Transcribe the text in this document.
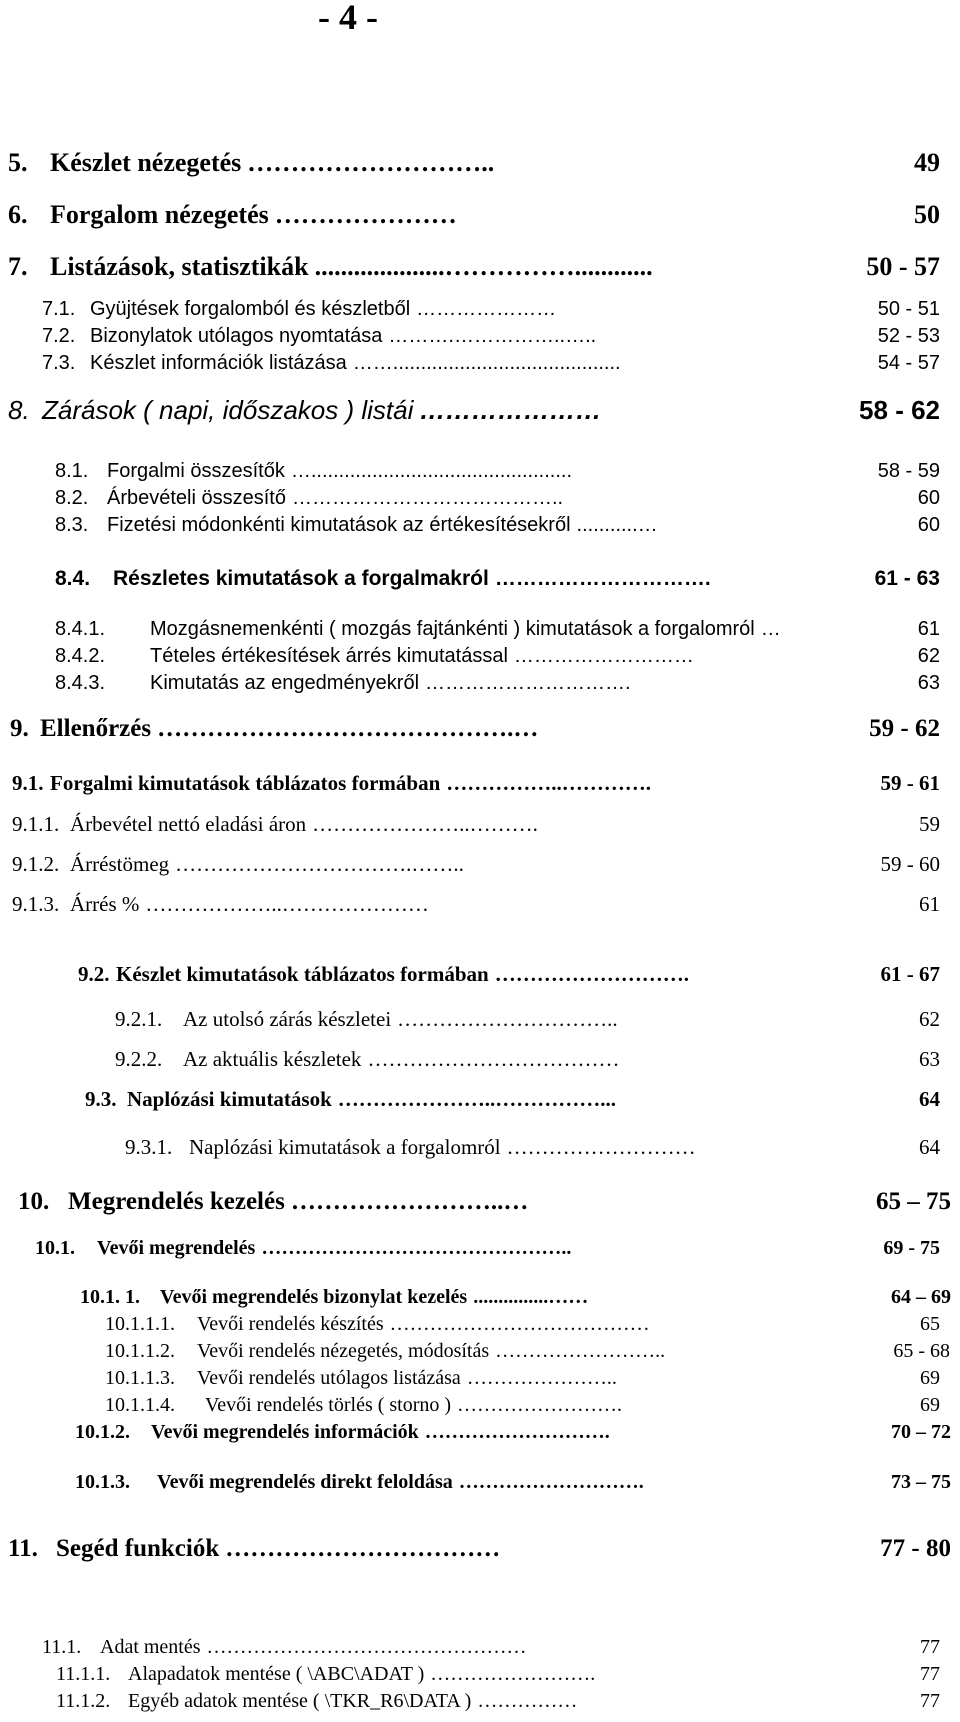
- 4 -
5. Készlet nézegetés ………………………..	49
6. Forgalom nézegetés …………………	50
7. Listázások, statisztikák ....................……………............	50 - 57
7.1. Gyüjtések forgalomból és készletből …………………	50 - 51
7.2. Bizonylatok utólagos nyomtatása ……….……………..…..	52 - 53
7.3. Készlet információk listázása …….........................................	54 - 57
8. Zárások ( napi, időszakos ) listái …………………	58 - 62
8.1. Forgalmi összesítők …...............................................	58 - 59
8.2. Árbevételi összesítő …………………………………..	60
8.3. Fizetési módonkénti kimutatások az értékesítésekről ...........…	60
8.4.	Részletes kimutatások a forgalmakról ………………………….	61 - 63
8.4.1.	Mozgásnemenkénti ( mozgás fajtánkénti ) kimutatások a forgalomról …	61
8.4.2.	Tételes értékesítések árrés kimutatással ………………………	62
8.4.3.	Kimutatás az engedményekről ………………………….	63
9. Ellenőrzés …………………………………….…	59 - 62
9.1. Forgalmi kimutatások táblázatos formában ……………..………….	59 - 61
9.1.1. Árbevétel nettó eladási áron …………………..……….	59
9.1.2. Árréstömeg …………………………….……..	59 - 60
9.1.3. Árrés % ………………..…………………	61
9.2. Készlet kimutatások táblázatos formában ……………………….	61 - 67
9.2.1. Az utolsó zárás készletei …………………………..	62
9.2.2. Az aktuális készletek ………………………………	63
9.3. Naplózási kimutatások …………………..……………...	64
9.3.1. Naplózási kimutatások a forgalomról ………………………	64
10. Megrendelés kezelés ……………………..…	65 – 75
10.1.	Vevői megrendelés ………………………………………..	69 - 75
10.1. 1.	Vevői megrendelés bizonylat kezelés ...............……	64 – 69
10.1.1.1.	Vevői rendelés készítés …………………………………	65
10.1.1.2.	Vevői rendelés nézegetés, módosítás ……………………..	65 - 68
10.1.1.3.	Vevői rendelés utólagos listázása …………………..	69
10.1.1.4.	Vevői rendelés törlés ( storno ) …………………….	69
10.1.2.	Vevői megrendelés információk ……………………….	70 – 72
10.1.3.	Vevői megrendelés direkt feloldása ……………………….	73 – 75
11. Segéd funkciók ……………………………	77 - 80
11.1. Adat mentés …………………………………………	77
11.1.1. Alapadatok mentése ( \ABC\ADAT ) …………………….	77
11.1.2. Egyéb adatok mentése ( \TKR_R6\DATA ) ……………	77
